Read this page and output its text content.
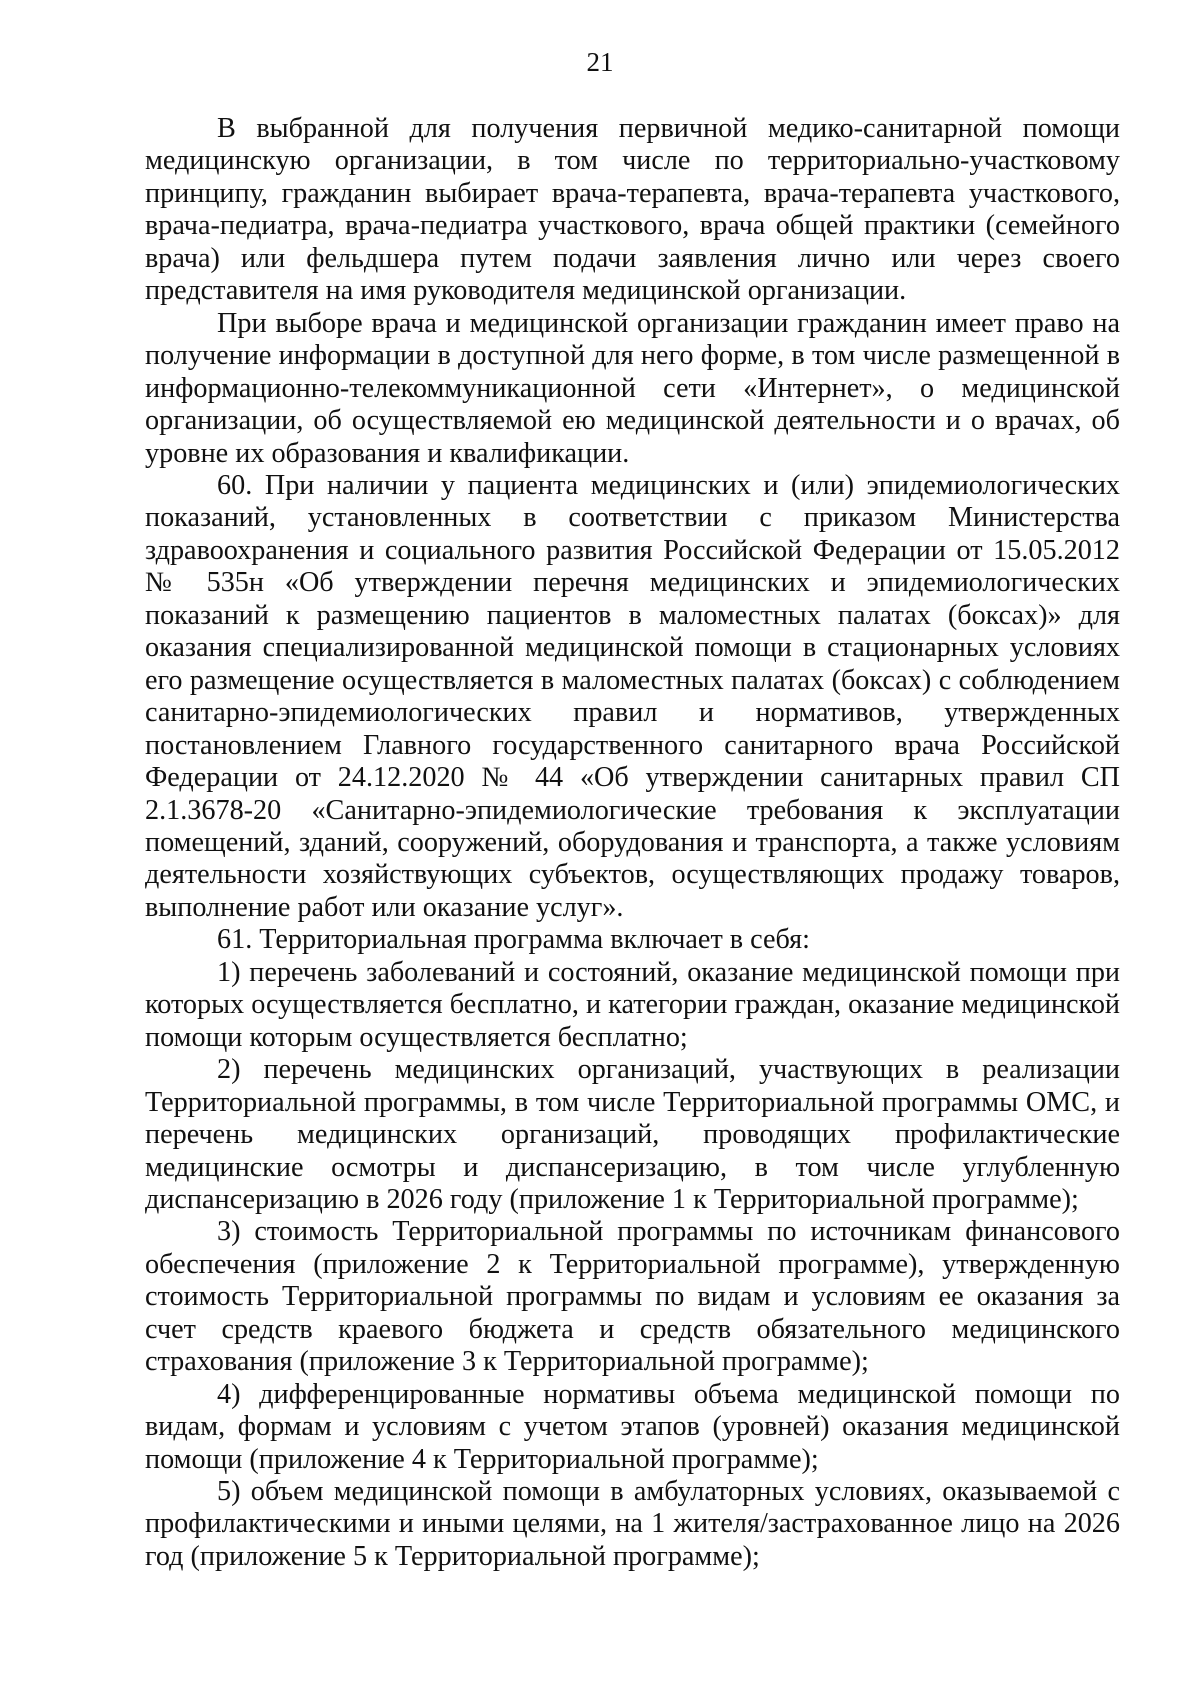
21

В выбранной для получения первичной медико-санитарной помощи медицинскую организации, в том числе по территориально-участковому принципу, гражданин выбирает врача-терапевта, врача-терапевта участкового, врача-педиатра, врача-педиатра участкового, врача общей практики (семейного врача) или фельдшера путем подачи заявления лично или через своего представителя на имя руководителя медицинской организации.

При выборе врача и медицинской организации гражданин имеет право на получение информации в доступной для него форме, в том числе размещенной в информационно-телекоммуникационной сети «Интернет», о медицинской организации, об осуществляемой ею медицинской деятельности и о врачах, об уровне их образования и квалификации.

60. При наличии у пациента медицинских и (или) эпидемиологических показаний, установленных в соответствии с приказом Министерства здравоохранения и социального развития Российской Федерации от 15.05.2012 № 535н «Об утверждении перечня медицинских и эпидемиологических показаний к размещению пациентов в маломестных палатах (боксах)» для оказания специализированной медицинской помощи в стационарных условиях его размещение осуществляется в маломестных палатах (боксах) с соблюдением санитарно-эпидемиологических правил и нормативов, утвержденных постановлением Главного государственного санитарного врача Российской Федерации от 24.12.2020 № 44 «Об утверждении санитарных правил СП 2.1.3678-20 «Санитарно-эпидемиологические требования к эксплуатации помещений, зданий, сооружений, оборудования и транспорта, а также условиям деятельности хозяйствующих субъектов, осуществляющих продажу товаров, выполнение работ или оказание услуг».

61. Территориальная программа включает в себя:

1) перечень заболеваний и состояний, оказание медицинской помощи при которых осуществляется бесплатно, и категории граждан, оказание медицинской помощи которым осуществляется бесплатно;

2) перечень медицинских организаций, участвующих в реализации Территориальной программы, в том числе Территориальной программы ОМС, и перечень медицинских организаций, проводящих профилактические медицинские осмотры и диспансеризацию, в том числе углубленную диспансеризацию в 2026 году (приложение 1 к Территориальной программе);

3) стоимость Территориальной программы по источникам финансового обеспечения (приложение 2 к Территориальной программе), утвержденную стоимость Территориальной программы по видам и условиям ее оказания за счет средств краевого бюджета и средств обязательного медицинского страхования (приложение 3 к Территориальной программе);

4) дифференцированные нормативы объема медицинской помощи по видам, формам и условиям с учетом этапов (уровней) оказания медицинской помощи (приложение 4 к Территориальной программе);

5) объем медицинской помощи в амбулаторных условиях, оказываемой с профилактическими и иными целями, на 1 жителя/застрахованное лицо на 2026 год (приложение 5 к Территориальной программе);
